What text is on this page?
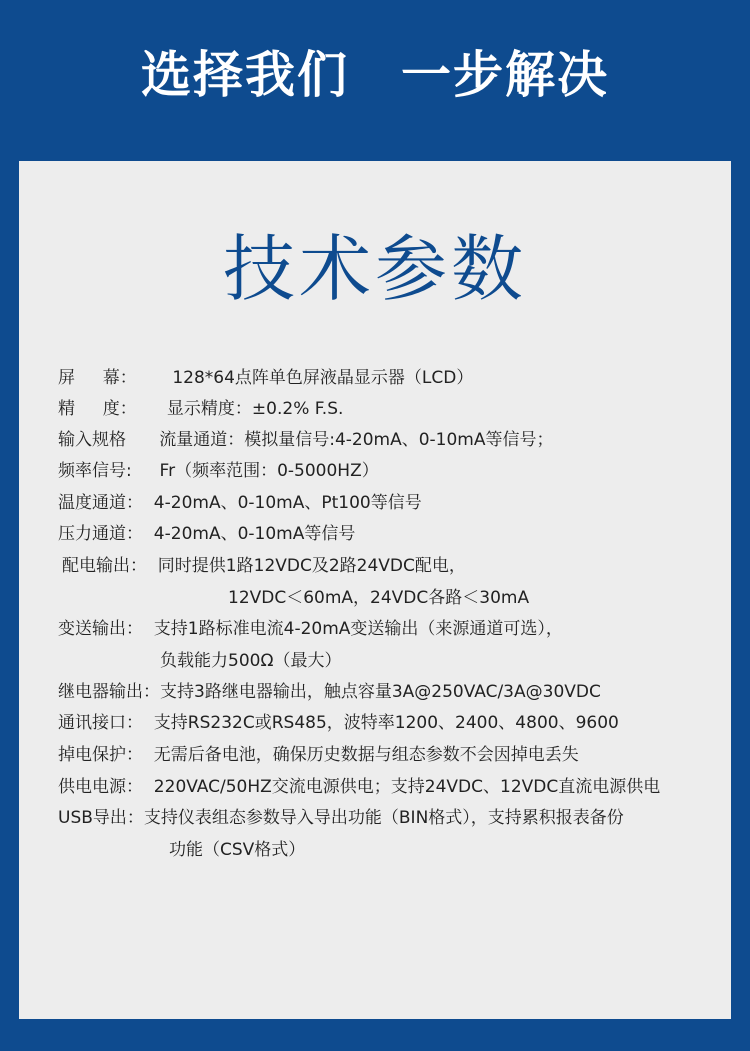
选择我们　一步解决
技术参数

屏　  幕：　     128*64点阵单色屏液晶显示器（LCD）

精　  度：　    显示精度：±0.2% F.S.

输入规格　   流量通道：模拟量信号:4-20mA、0-10mA等信号；

频率信号:　  Fr（频率范围：0-5000HZ）

温度通道：  4-20mA、0-10mA、Pt100等信号

压力通道：  4-20mA、0-10mA等信号

配电输出：  同时提供1路12VDC及2路24VDC配电，

12VDC＜60mA，24VDC各路＜30mA

变送输出：  支持1路标准电流4-20mA变送输出（来源通道可选），

负载能力500Ω（最大）

继电器输出：支持3路继电器输出，触点容量3A@250VAC/3A@30VDC

通讯接口：  支持RS232C或RS485，波特率1200、2400、4800、9600

掉电保护：  无需后备电池，确保历史数据与组态参数不会因掉电丢失

供电电源：  220VAC/50HZ交流电源供电；支持24VDC、12VDC直流电源供电

USB导出：支持仪表组态参数导入导出功能（BIN格式），支持累积报表备份

功能（CSV格式）
